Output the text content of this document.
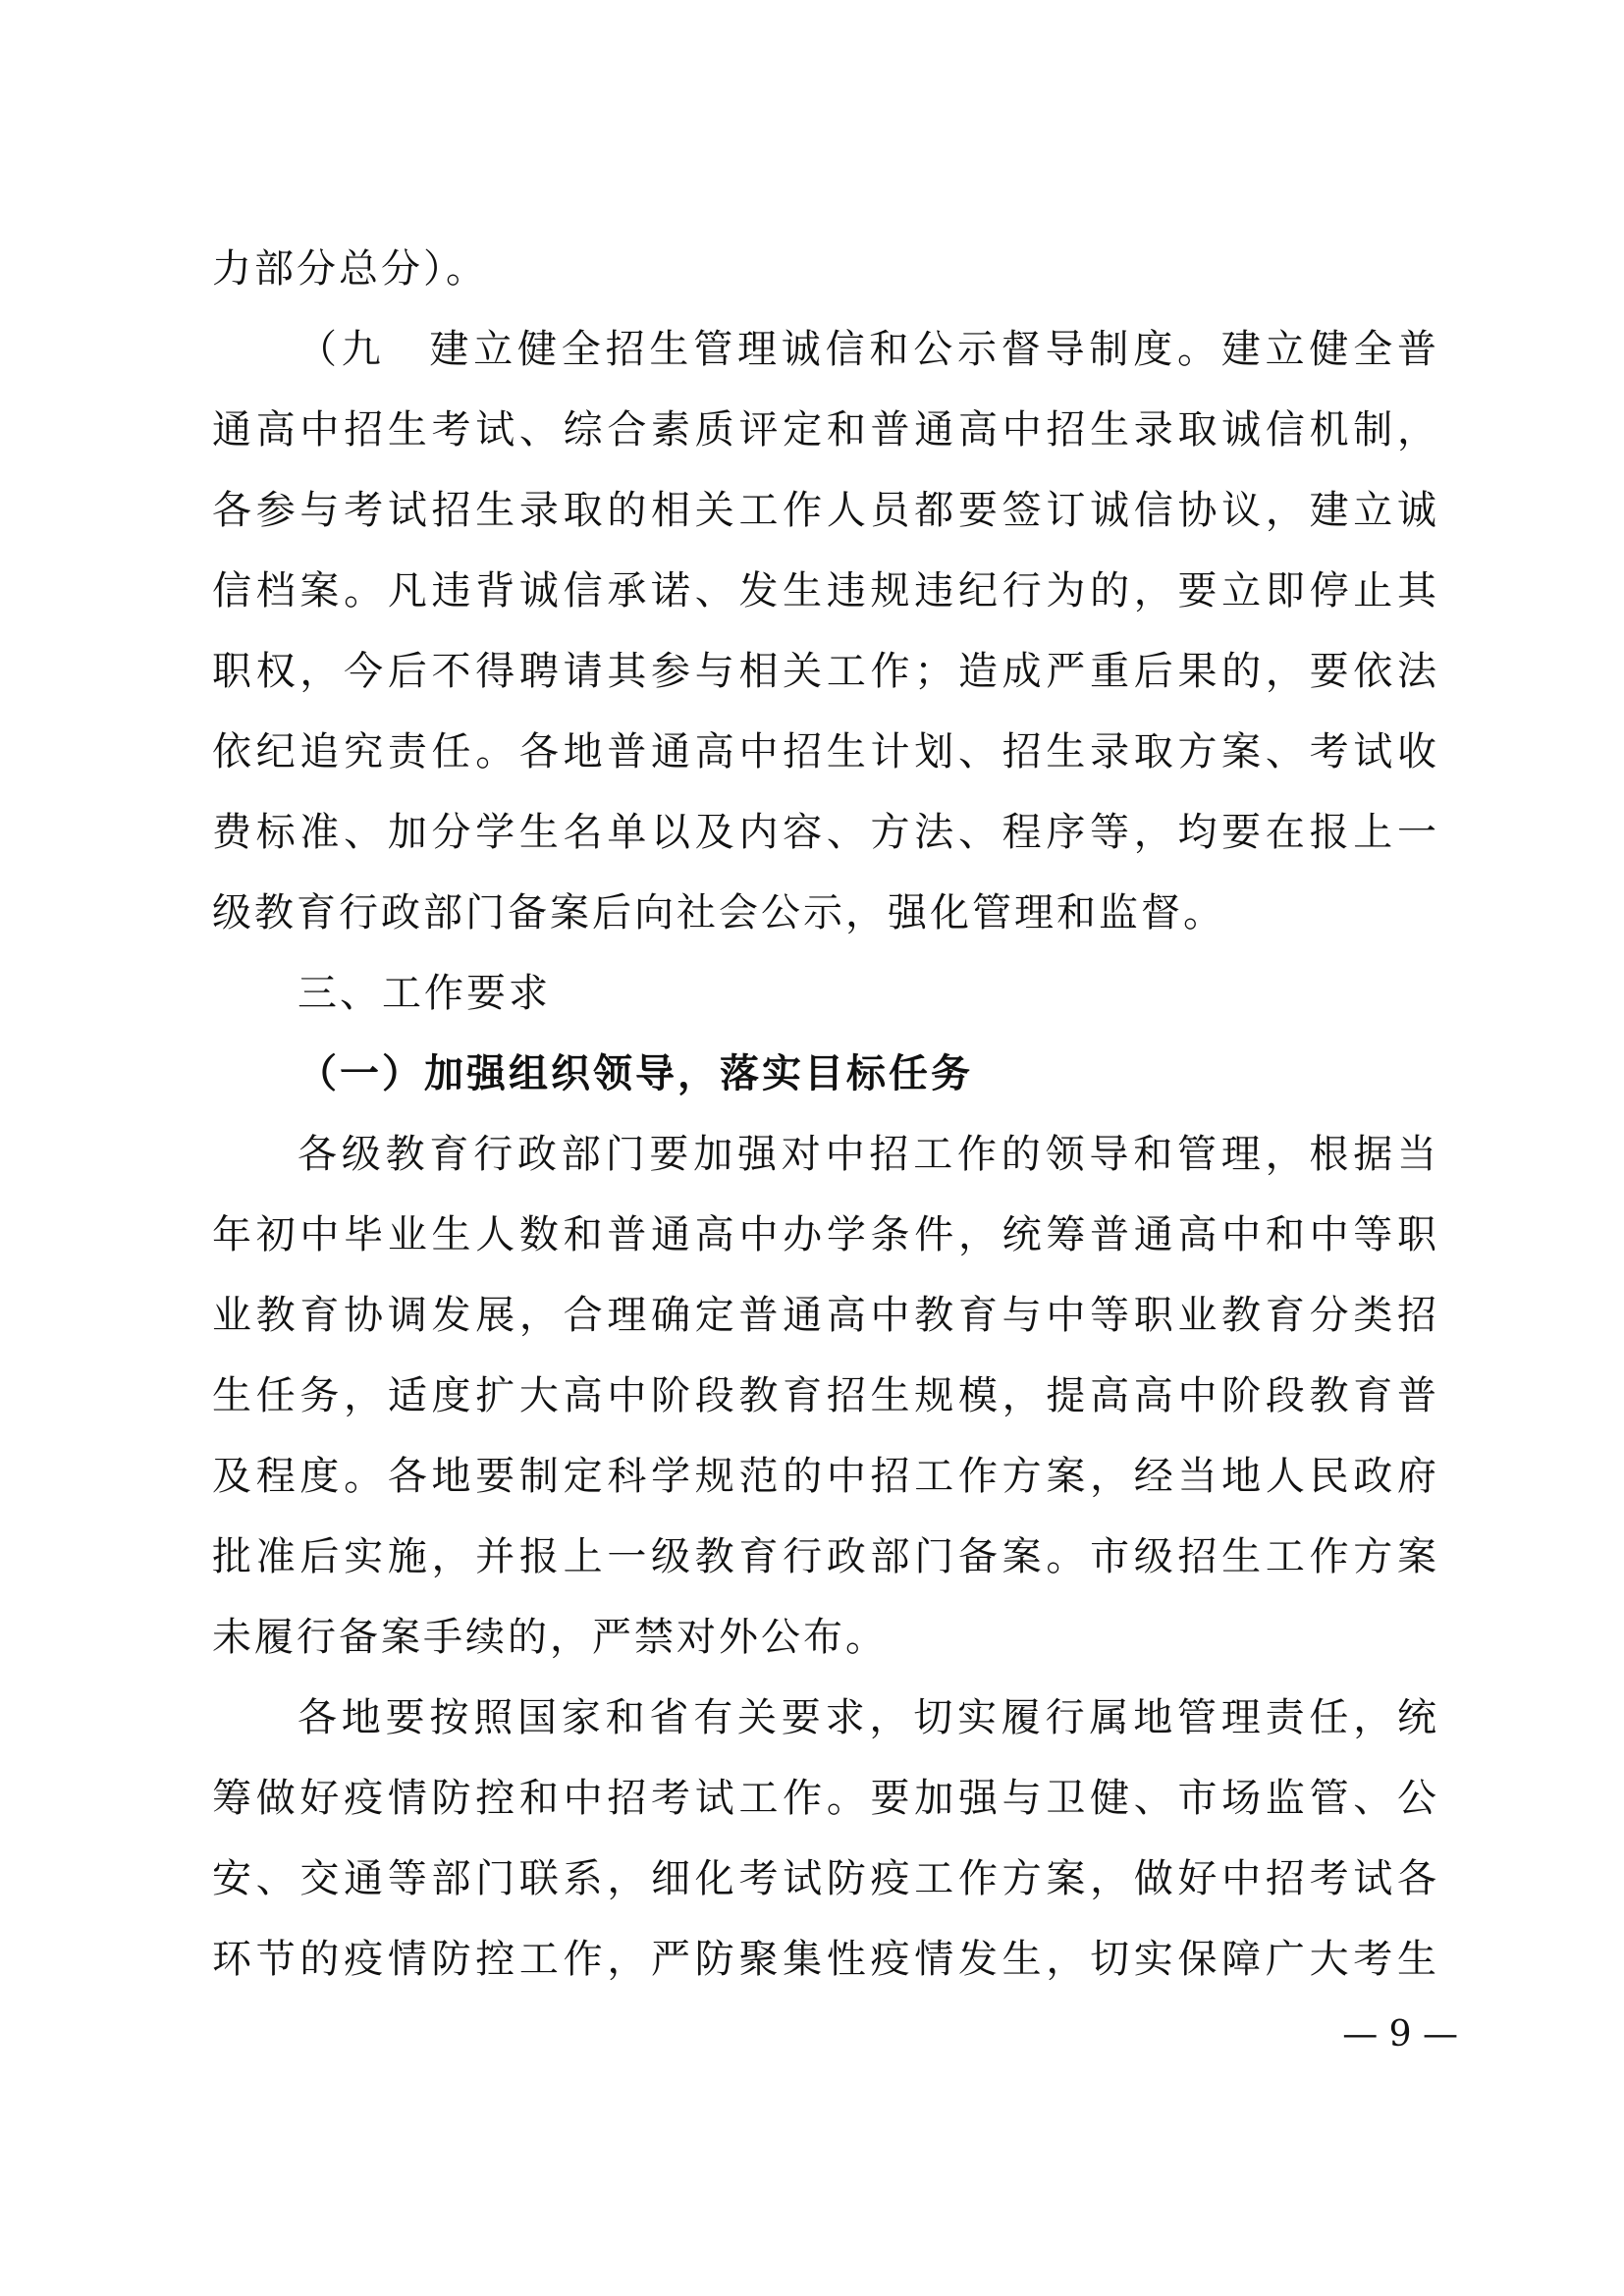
力部分总分）。
（九　建立健全招生管理诚信和公示督导制度。建立健全普
通高中招生考试、综合素质评定和普通高中招生录取诚信机制，
各参与考试招生录取的相关工作人员都要签订诚信协议，建立诚
信档案。凡违背诚信承诺、发生违规违纪行为的，要立即停止其
职权，今后不得聘请其参与相关工作；造成严重后果的，要依法
依纪追究责任。各地普通高中招生计划、招生录取方案、考试收
费标准、加分学生名单以及内容、方法、程序等，均要在报上一
级教育行政部门备案后向社会公示，强化管理和监督。
三、工作要求
（一）加强组织领导，落实目标任务
各级教育行政部门要加强对中招工作的领导和管理，根据当
年初中毕业生人数和普通高中办学条件，统筹普通高中和中等职
业教育协调发展，合理确定普通高中教育与中等职业教育分类招
生任务，适度扩大高中阶段教育招生规模，提高高中阶段教育普
及程度。各地要制定科学规范的中招工作方案，经当地人民政府
批准后实施，并报上一级教育行政部门备案。市级招生工作方案
未履行备案手续的，严禁对外公布。
各地要按照国家和省有关要求，切实履行属地管理责任，统
筹做好疫情防控和中招考试工作。要加强与卫健、市场监管、公
安、交通等部门联系，细化考试防疫工作方案，做好中招考试各
环节的疫情防控工作，严防聚集性疫情发生，切实保障广大考生
— 9 —
